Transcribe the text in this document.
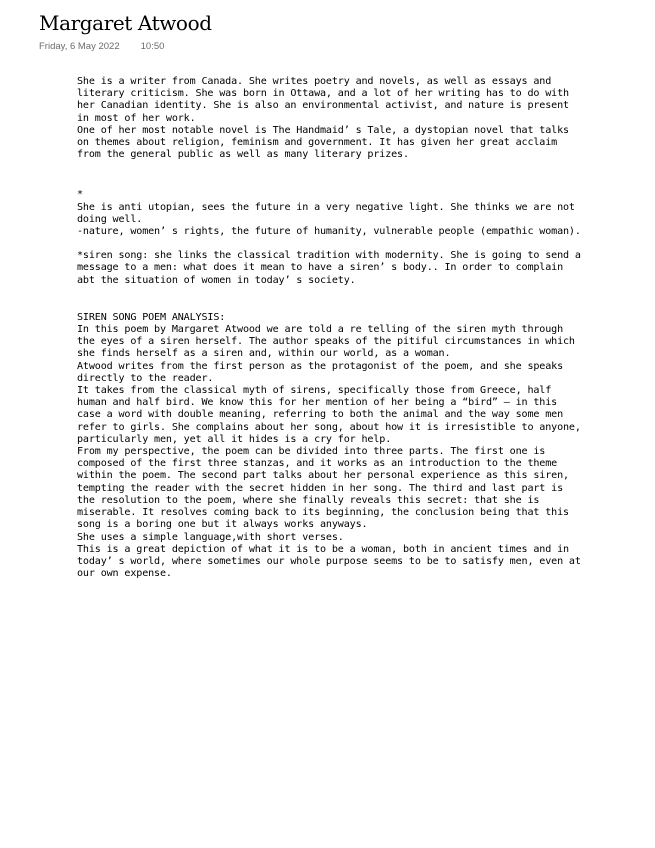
Margaret Atwood
Friday, 6 May 2022 10:50

She is a writer from Canada. She writes poetry and novels, as well as essays and

literary criticism. She was born in Ottawa, and a lot of her writing has to do with

her Canadian identity. She is also an environmental activist, and nature is present

in most of her work.

One of her most notable novel is The Handmaid’ s Tale, a dystopian novel that talks

on themes about religion, feminism and government. It has given her great acclaim

from the general public as well as many literary prizes.

*

She is anti utopian, sees the future in a very negative light. She thinks we are not

doing well.

-nature, women’ s rights, the future of humanity, vulnerable people (empathic woman).

*siren song: she links the classical tradition with modernity. She is going to send a

message to a men: what does it mean to have a siren’ s body.. In order to complain

abt the situation of women in today’ s society.

SIREN SONG POEM ANALYSIS:

In this poem by Margaret Atwood we are told a re telling of the siren myth through

the eyes of a siren herself. The author speaks of the pitiful circumstances in which

she finds herself as a siren and, within our world, as a woman.

Atwood writes from the first person as the protagonist of the poem, and she speaks

directly to the reader.

It takes from the classical myth of sirens, specifically those from Greece, half

human and half bird. We know this for her mention of her being a “bird” — in this

case a word with double meaning, referring to both the animal and the way some men

refer to girls. She complains about her song, about how it is irresistible to anyone,

particularly men, yet all it hides is a cry for help.

From my perspective, the poem can be divided into three parts. The first one is

composed of the first three stanzas, and it works as an introduction to the theme

within the poem. The second part talks about her personal experience as this siren,

tempting the reader with the secret hidden in her song. The third and last part is

the resolution to the poem, where she finally reveals this secret: that she is

miserable. It resolves coming back to its beginning, the conclusion being that this

song is a boring one but it always works anyways.

She uses a simple language,with short verses.

This is a great depiction of what it is to be a woman, both in ancient times and in

today’ s world, where sometimes our whole purpose seems to be to satisfy men, even at

our own expense.
